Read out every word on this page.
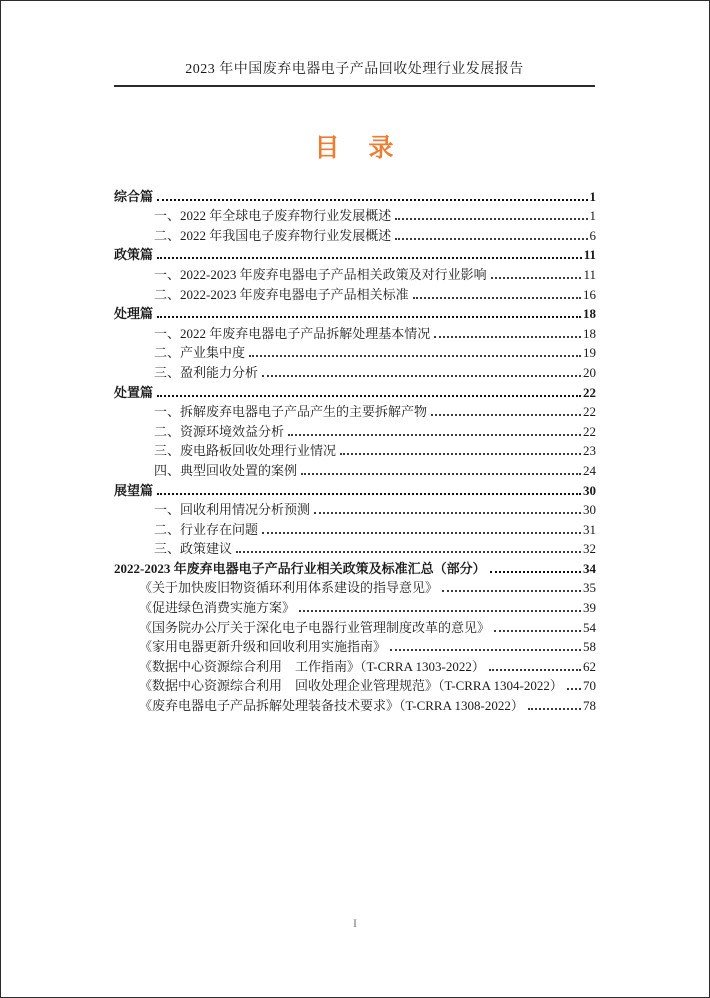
2023 年中国废弃电器电子产品回收处理行业发展报告
目　录
综合篇	1
一、2022 年全球电子废弃物行业发展概述	1
二、2022 年我国电子废弃物行业发展概述	6
政策篇	11
一、2022-2023 年废弃电器电子产品相关政策及对行业影响	11
二、2022-2023 年废弃电器电子产品相关标准	16
处理篇	18
一、2022 年废弃电器电子产品拆解处理基本情况	18
二、产业集中度	19
三、盈利能力分析	20
处置篇	22
一、拆解废弃电器电子产品产生的主要拆解产物	22
二、资源环境效益分析	22
三、废电路板回收处理行业情况	23
四、典型回收处置的案例	24
展望篇	30
一、回收利用情况分析预测	30
二、行业存在问题	31
三、政策建议	32
2022-2023 年废弃电器电子产品行业相关政策及标准汇总（部分）	34
《关于加快废旧物资循环利用体系建设的指导意见》	35
《促进绿色消费实施方案》	39
《国务院办公厅关于深化电子电器行业管理制度改革的意见》	54
《家用电器更新升级和回收利用实施指南》	58
《数据中心资源综合利用　工作指南》（T-CRRA 1303-2022）	62
《数据中心资源综合利用　回收处理企业管理规范》（T-CRRA 1304-2022） 70
《废弃电器电子产品拆解处理装备技术要求》（T-CRRA 1308-2022）	78
I
